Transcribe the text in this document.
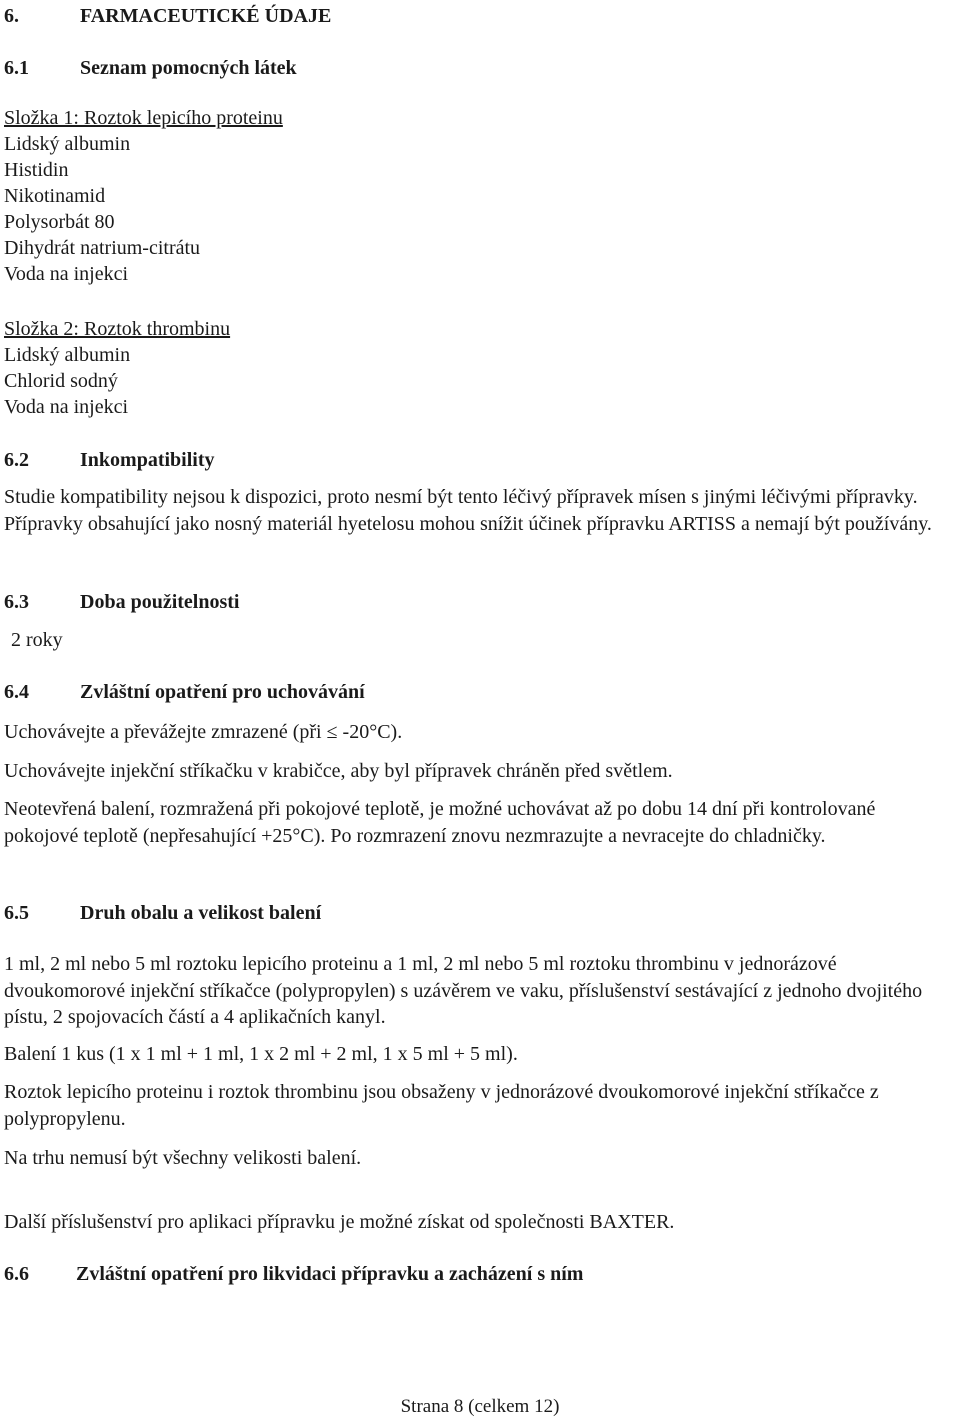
6.	FARMACEUTICKÉ ÚDAJE
6.1	Seznam pomocných látek
Složka 1: Roztok lepicího proteinu
Lidský albumin
Histidin
Nikotinamid
Polysorbát 80
Dihydrát natrium-citrátu
Voda na injekci
Složka 2: Roztok thrombinu
Lidský albumin
Chlorid sodný
Voda na injekci
6.2	Inkompatibility
Studie kompatibility nejsou k dispozici, proto nesmí být tento léčivý přípravek mísen s jinými léčivými přípravky. Přípravky obsahující jako nosný materiál hyetelosu mohou snížit účinek přípravku ARTISS a nemají být používány.
6.3	Doba použitelnosti
2 roky
6.4	Zvláštní opatření pro uchovávání
Uchovávejte a převážejte zmrazené (při ≤ -20°C).
Uchovávejte injekční stříkačku v krabičce, aby byl přípravek chráněn před světlem.
Neotevřená balení, rozmražená při pokojové teplotě, je možné uchovávat až po dobu 14 dní při kontrolované pokojové teplotě (nepřesahující +25°C). Po rozmrazení znovu nezmrazujte a nevracejte do chladničky.
6.5	Druh obalu a velikost balení
1 ml, 2 ml nebo 5 ml roztoku lepicího proteinu a 1 ml, 2 ml nebo 5 ml roztoku thrombinu v jednorázové dvoukomorové injekční stříkačce (polypropylen) s uzávěrem ve vaku, příslušenství sestávající z jednoho dvojitého pístu, 2 spojovacích částí a 4 aplikačních kanyl.
Balení 1 kus (1 x 1 ml + 1 ml, 1 x 2 ml + 2 ml, 1 x 5 ml + 5 ml).
Roztok lepicího proteinu i roztok thrombinu jsou obsaženy v jednorázové dvoukomorové injekční stříkačce z polypropylenu.
Na trhu nemusí být všechny velikosti balení.
Další příslušenství pro aplikaci přípravku je možné získat od společnosti BAXTER.
6.6 Zvláštní opatření pro likvidaci přípravku a zacházení s ním
Strana 8 (celkem 12)
